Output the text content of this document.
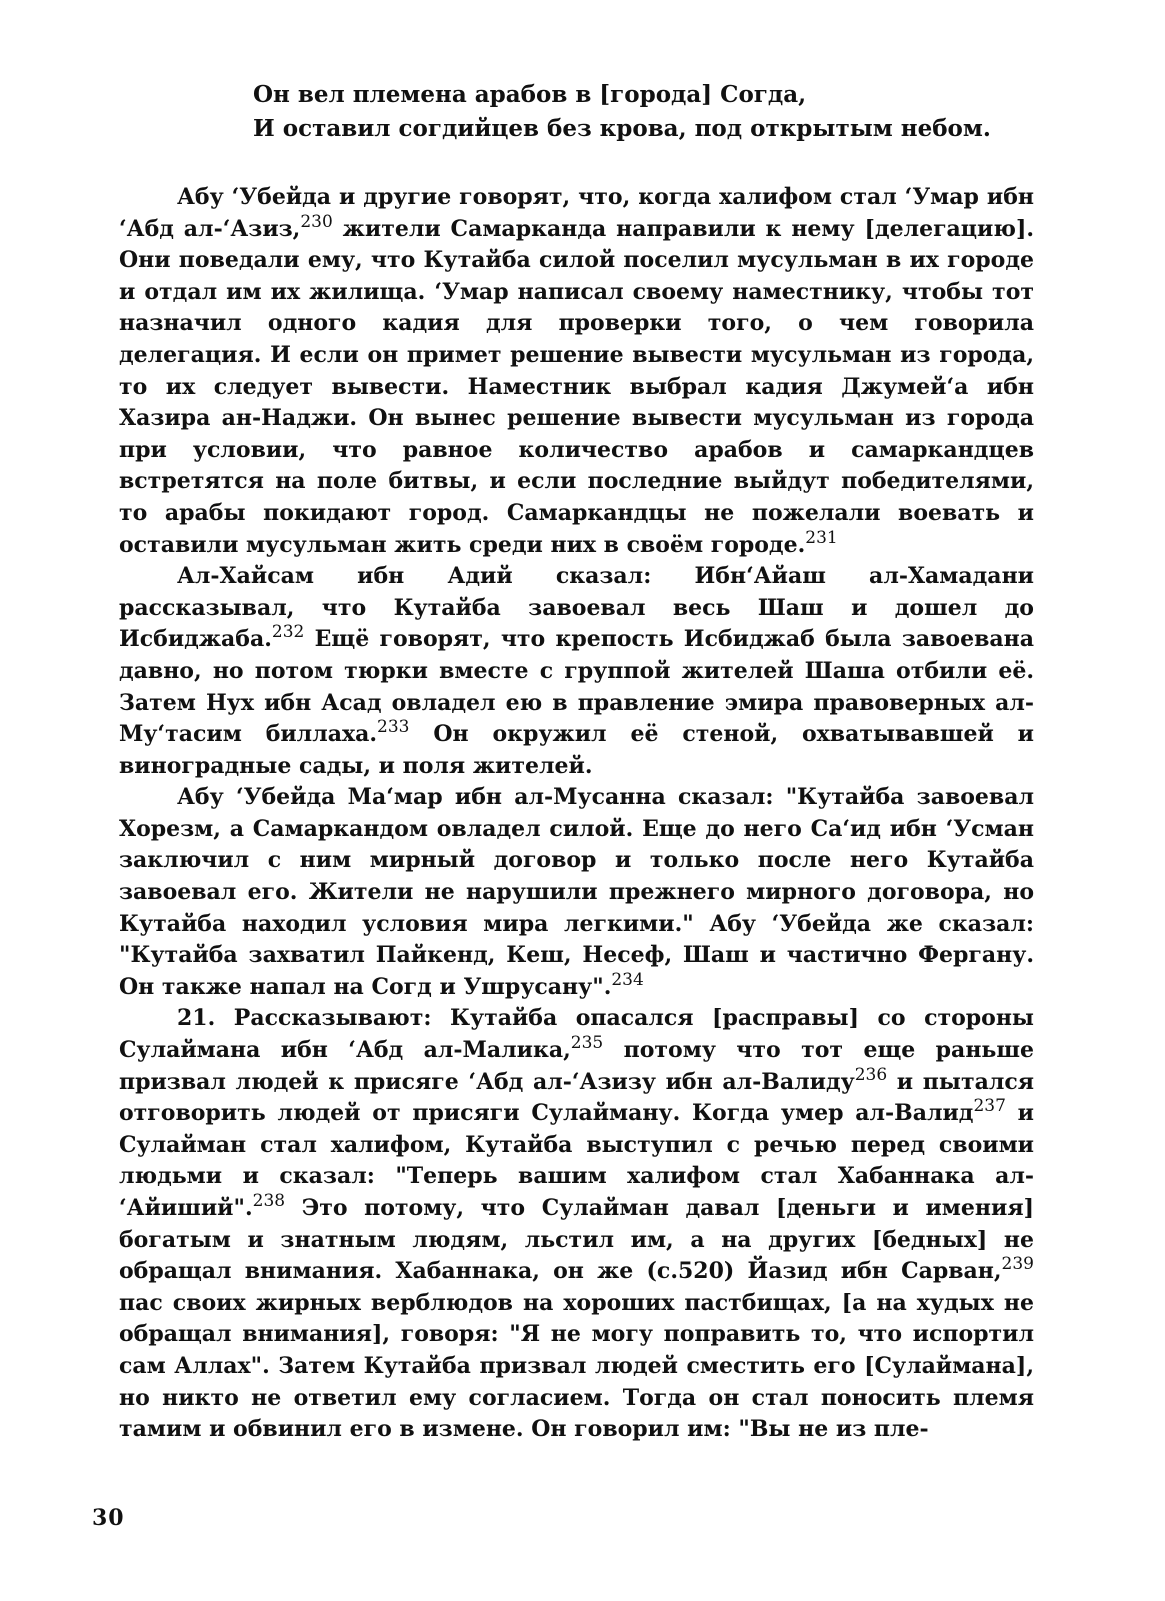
Он вел племена арабов в [города] Согда,
И оставил согдийцев без крова, под открытым небом.

Абу ʻУбейда и другие говорят, что, когда халифом стал ʻУмар ибн ʻАбд ал-ʻАзиз,$^{230}$ жители Самарканда направили к нему [делегацию]. Они поведали ему, что Кутайба силой поселил мусульман в их городе и отдал им их жилища. ʻУмар написал своему наместнику, чтобы тот назначил одного кадия для проверки того, о чем говорила делегация. И если он примет решение вывести мусульман из города, то их следует вывести. Наместник выбрал кадия Джумейʻа ибн Хазира ан-Наджи. Он вынес решение вывести мусульман из города при условии, что равное количество арабов и самаркандцев встретятся на поле битвы, и если последние выйдут победителями, то арабы покидают город. Самаркандцы не пожелали воевать и оставили мусульман жить среди них в своём городе.$^{231}$

Ал-Хайсам ибн Адий сказал: ИбнʻАйаш ал-Хамадани рассказывал, что Кутайба завоевал весь Шаш и дошел до Исбиджаба.$^{232}$ Ещё говорят, что крепость Исбиджаб была завоевана давно, но потом тюрки вместе с группой жителей Шаша отбили её. Затем Нух ибн Асад овладел ею в правление эмира правоверных ал-Муʻтасим биллаха.$^{233}$ Он окружил её стеной, охватывавшей и виноградные сады, и поля жителей.

Абу ʻУбейда Маʻмар ибн ал-Мусанна сказал: "Кутайба завоевал Хорезм, а Самаркандом овладел силой. Еще до него Саʻид ибн ʻУсман заключил с ним мирный договор и только после него Кутайба завоевал его. Жители не нарушили прежнего мирного договора, но Кутайба находил условия мира легкими." Абу ʻУбейда же сказал: "Кутайба захватил Пайкенд, Кеш, Несеф, Шаш и частично Фергану. Он также напал на Согд и Ушрусану".$^{234}$

21. Рассказывают: Кутайба опасался [расправы] со стороны Сулаймана ибн ʻАбд ал-Малика,$^{235}$ потому что тот еще раньше призвал людей к присяге ʻАбд ал-ʻАзизу ибн ал-Валиду$^{236}$ и пытался отговорить людей от присяги Сулайману. Когда умер ал-Валид$^{237}$ и Сулайман стал халифом, Кутайба выступил с речью перед своими людьми и сказал: "Теперь вашим халифом стал Хабаннака ал-ʻАйиший".$^{238}$ Это потому, что Сулайман давал [деньги и имения] богатым и знатным людям, льстил им, а на других [бедных] не обращал внимания. Хабаннака, он же (с.520) Йазид ибн Сарван,$^{239}$ пас своих жирных верблюдов на хороших пастбищах, [а на худых не обращал внимания], говоря: "Я не могу поправить то, что испортил сам Аллах". Затем Кутайба призвал людей сместить его [Сулаймана], но никто не ответил ему согласием. Тогда он стал поносить племя тамим и обвинил его в измене. Он говорил им: "Вы не из пле-

30
